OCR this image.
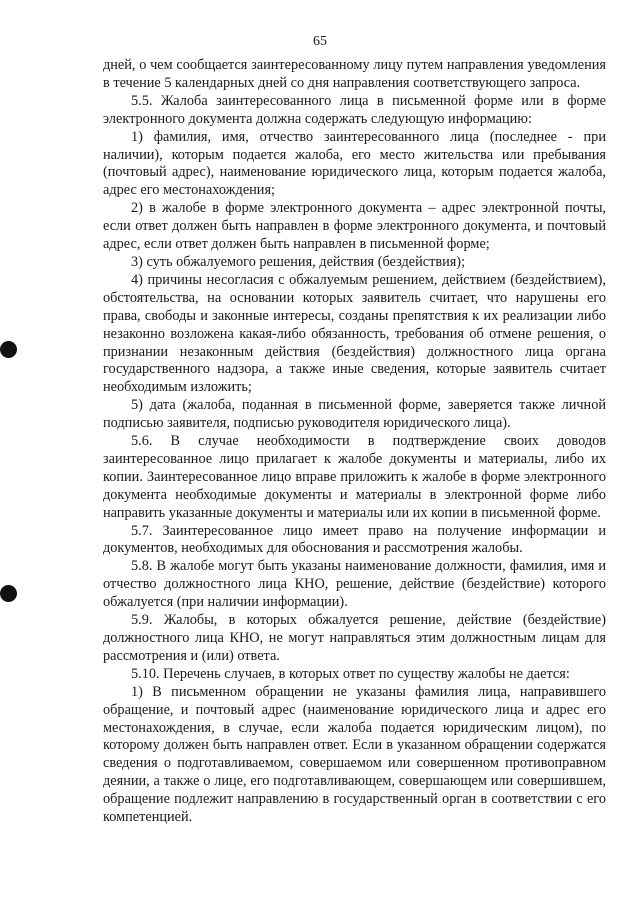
65

дней, о чем сообщается заинтересованному лицу путем направления уведомления в течение 5 календарных дней со дня направления соответствующего запроса.

5.5. Жалоба заинтересованного лица в письменной форме или в форме электронного документа должна содержать следующую информацию:

1) фамилия, имя, отчество заинтересованного лица (последнее - при наличии), которым подается жалоба, его место жительства или пребывания (почтовый адрес), наименование юридического лица, которым подается жалоба, адрес его местонахождения;

2) в жалобе в форме электронного документа – адрес электронной почты, если ответ должен быть направлен в форме электронного документа, и почтовый адрес, если ответ должен быть направлен в письменной форме;

3) суть обжалуемого решения, действия (бездействия);

4) причины несогласия с обжалуемым решением, действием (бездействием), обстоятельства, на основании которых заявитель считает, что нарушены его права, свободы и законные интересы, созданы препятствия к их реализации либо незаконно возложена какая-либо обязанность, требования об отмене решения, о признании незаконным действия (бездействия) должностного лица органа государственного надзора, а также иные сведения, которые заявитель считает необходимым изложить;

5) дата (жалоба, поданная в письменной форме, заверяется также личной подписью заявителя, подписью руководителя юридического лица).

5.6. В случае необходимости в подтверждение своих доводов заинтересованное лицо прилагает к жалобе документы и материалы, либо их копии. Заинтересованное лицо вправе приложить к жалобе в форме электронного документа необходимые документы и материалы в электронной форме либо направить указанные документы и материалы или их копии в письменной форме.

5.7. Заинтересованное лицо имеет право на получение информации и документов, необходимых для обоснования и рассмотрения жалобы.

5.8. В жалобе могут быть указаны наименование должности, фамилия, имя и отчество должностного лица КНО, решение, действие (бездействие) которого обжалуется (при наличии информации).

5.9. Жалобы, в которых обжалуется решение, действие (бездействие) должностного лица КНО, не могут направляться этим должностным лицам для рассмотрения и (или) ответа.

5.10. Перечень случаев, в которых ответ по существу жалобы не дается:

1) В письменном обращении не указаны фамилия лица, направившего обращение, и почтовый адрес (наименование юридического лица и адрес его местонахождения, в случае, если жалоба подается юридическим лицом), по которому должен быть направлен ответ. Если в указанном обращении содержатся сведения о подготавливаемом, совершаемом или совершенном противоправном деянии, а также о лице, его подготавливающем, совершающем или совершившем, обращение подлежит направлению в государственный орган в соответствии с его компетенцией.
